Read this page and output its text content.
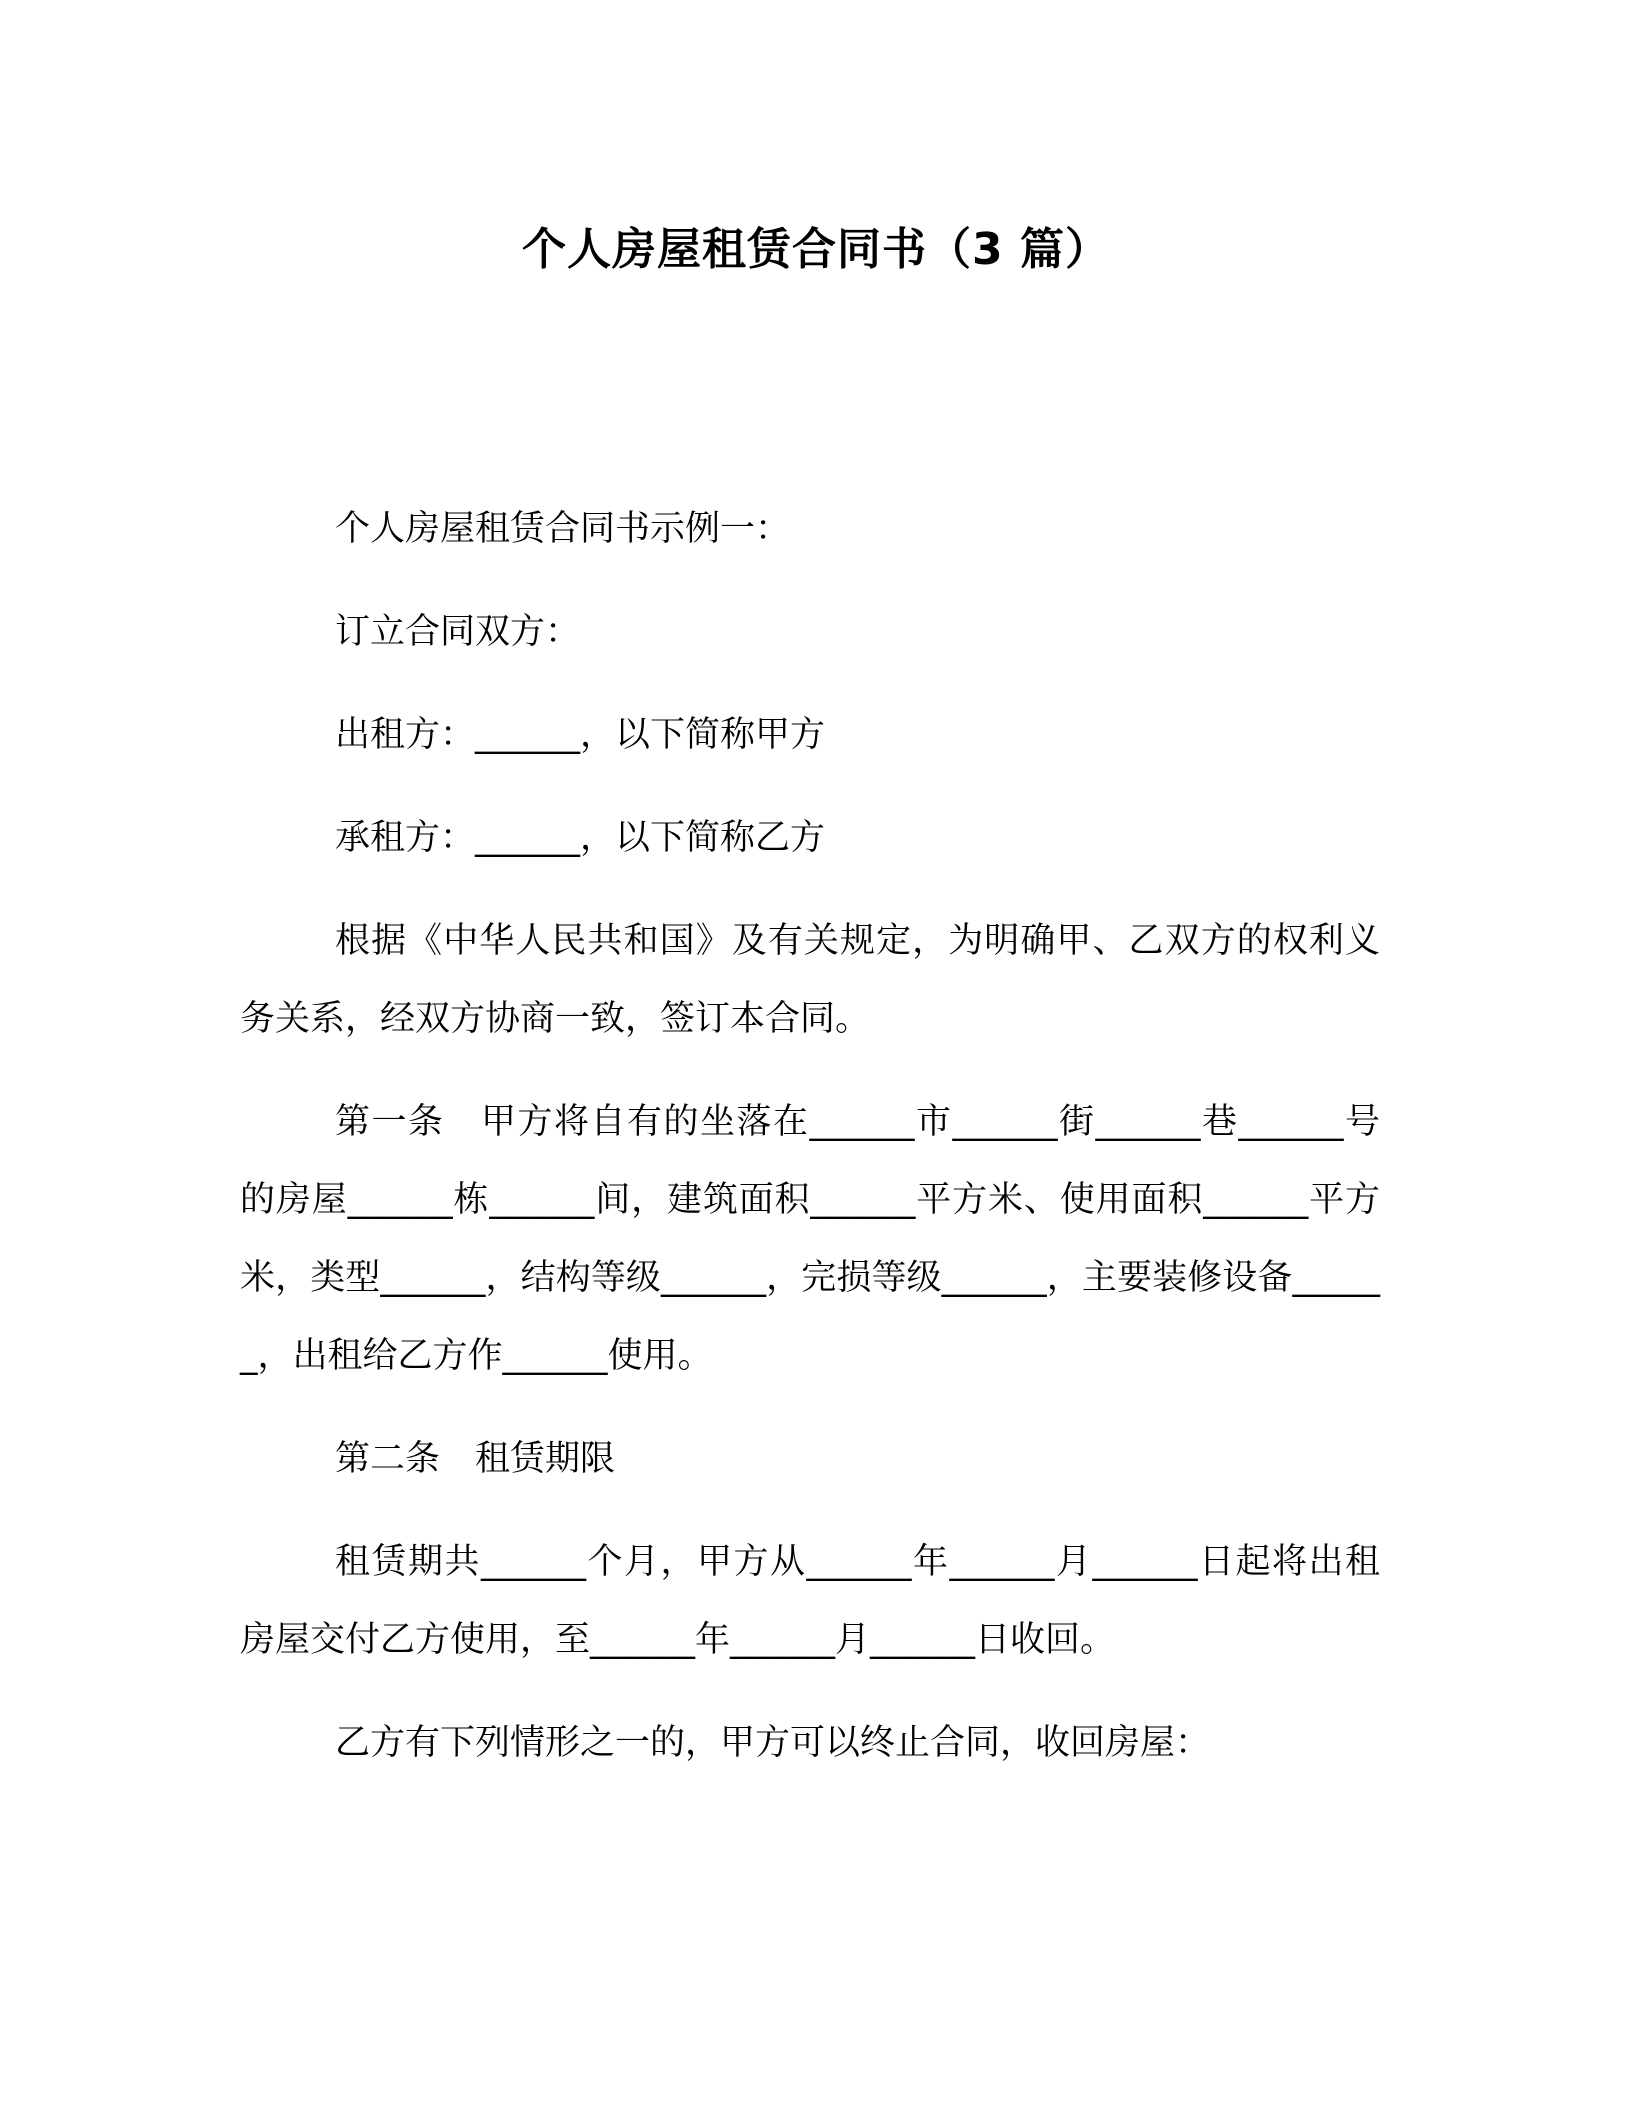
个人房屋租赁合同书（3 篇）

个人房屋租赁合同书示例一：

订立合同双方：

出租方：______，以下简称甲方

承租方：______，以下简称乙方

根据《中华人民共和国》及有关规定，为明确甲、乙双方的权利义务关系，经双方协商一致，签订本合同。

第一条　甲方将自有的坐落在______市______街______巷______号的房屋______栋______间，建筑面积______平方米、使用面积______平方米，类型______，结构等级______，完损等级______，主要装修设备______，出租给乙方作______使用。

第二条　租赁期限

租赁期共______个月，甲方从______年______月______日起将出租房屋交付乙方使用，至______年______月______日收回。

乙方有下列情形之一的，甲方可以终止合同，收回房屋：
